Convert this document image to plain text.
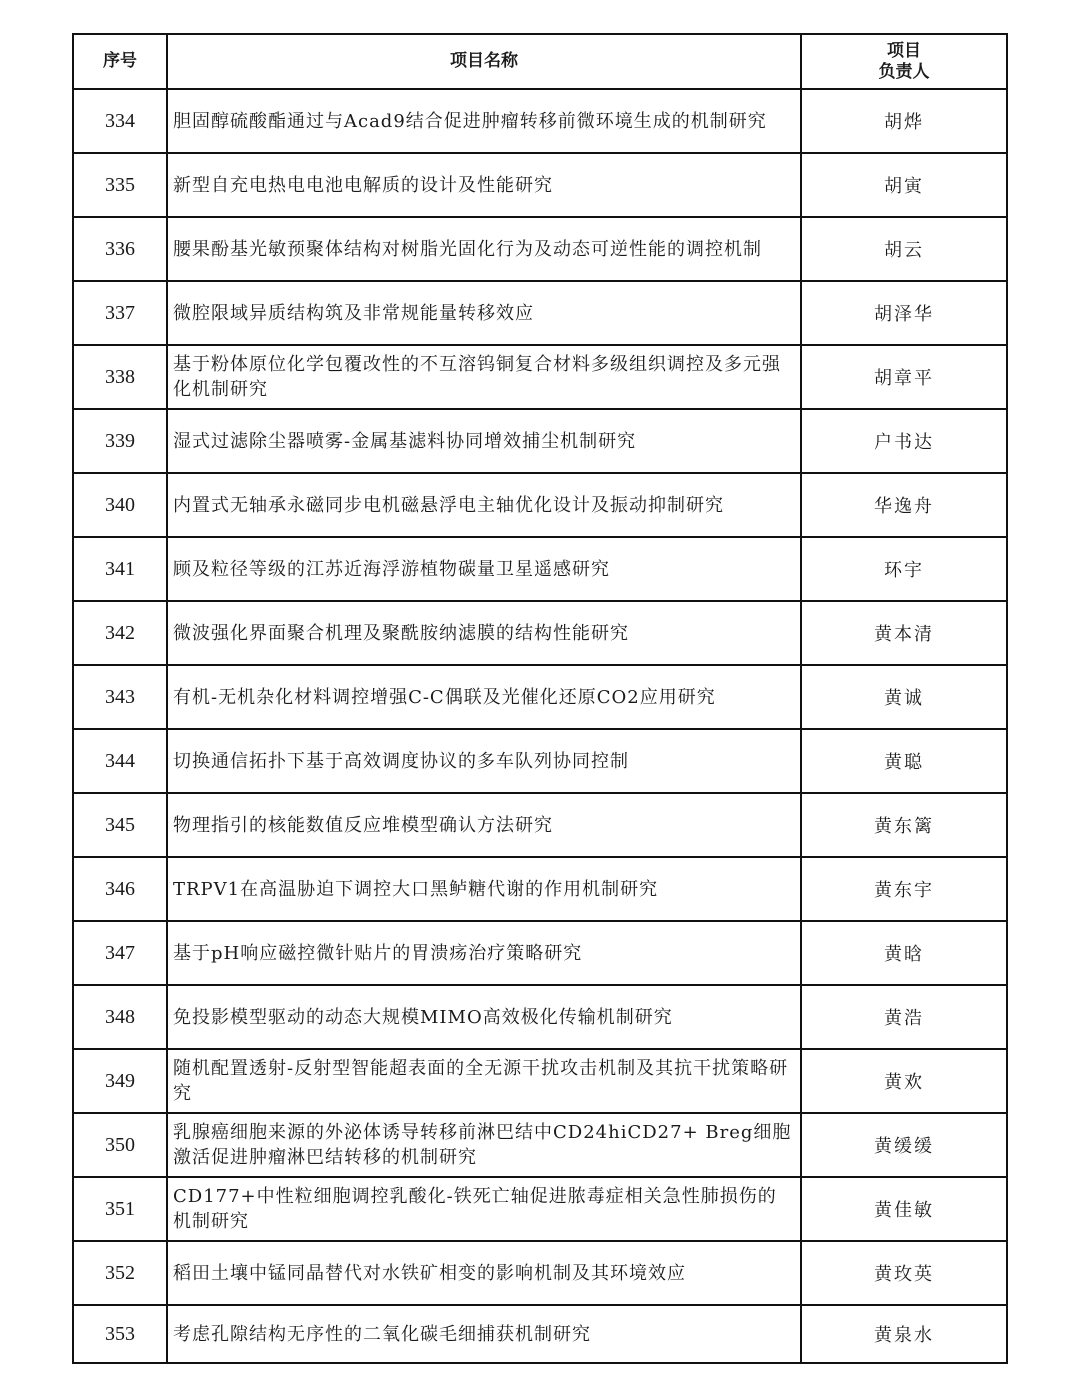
序号	项目名称	项目
负责人

334	胆固醇硫酸酯通过与Acad9结合促进肿瘤转移前微环境生成的机制研究	胡烨
335	新型自充电热电电池电解质的设计及性能研究	胡寅
336	腰果酚基光敏预聚体结构对树脂光固化行为及动态可逆性能的调控机制	胡云
337	微腔限域异质结构筑及非常规能量转移效应	胡泽华
338	基于粉体原位化学包覆改性的不互溶钨铜复合材料多级组织调控及多元强化机制研究	胡章平
339	湿式过滤除尘器喷雾-金属基滤料协同增效捕尘机制研究	户书达
340	内置式无轴承永磁同步电机磁悬浮电主轴优化设计及振动抑制研究	华逸舟
341	顾及粒径等级的江苏近海浮游植物碳量卫星遥感研究	环宇
342	微波强化界面聚合机理及聚酰胺纳滤膜的结构性能研究	黄本清
343	有机-无机杂化材料调控增强C-C偶联及光催化还原CO2应用研究	黄诚
344	切换通信拓扑下基于高效调度协议的多车队列协同控制	黄聪
345	物理指引的核能数值反应堆模型确认方法研究	黄东篱
346	TRPV1在高温胁迫下调控大口黑鲈糖代谢的作用机制研究	黄东宇
347	基于pH响应磁控微针贴片的胃溃疡治疗策略研究	黄晗
348	免投影模型驱动的动态大规模MIMO高效极化传输机制研究	黄浩
349	随机配置透射-反射型智能超表面的全无源干扰攻击机制及其抗干扰策略研究	黄欢
350	乳腺癌细胞来源的外泌体诱导转移前淋巴结中CD24hiCD27+ Breg细胞激活促进肿瘤淋巴结转移的机制研究	黄缓缓
351	CD177+中性粒细胞调控乳酸化-铁死亡轴促进脓毒症相关急性肺损伤的机制研究	黄佳敏
352	稻田土壤中锰同晶替代对水铁矿相变的影响机制及其环境效应	黄玫英
353	考虑孔隙结构无序性的二氧化碳毛细捕获机制研究	黄泉水
